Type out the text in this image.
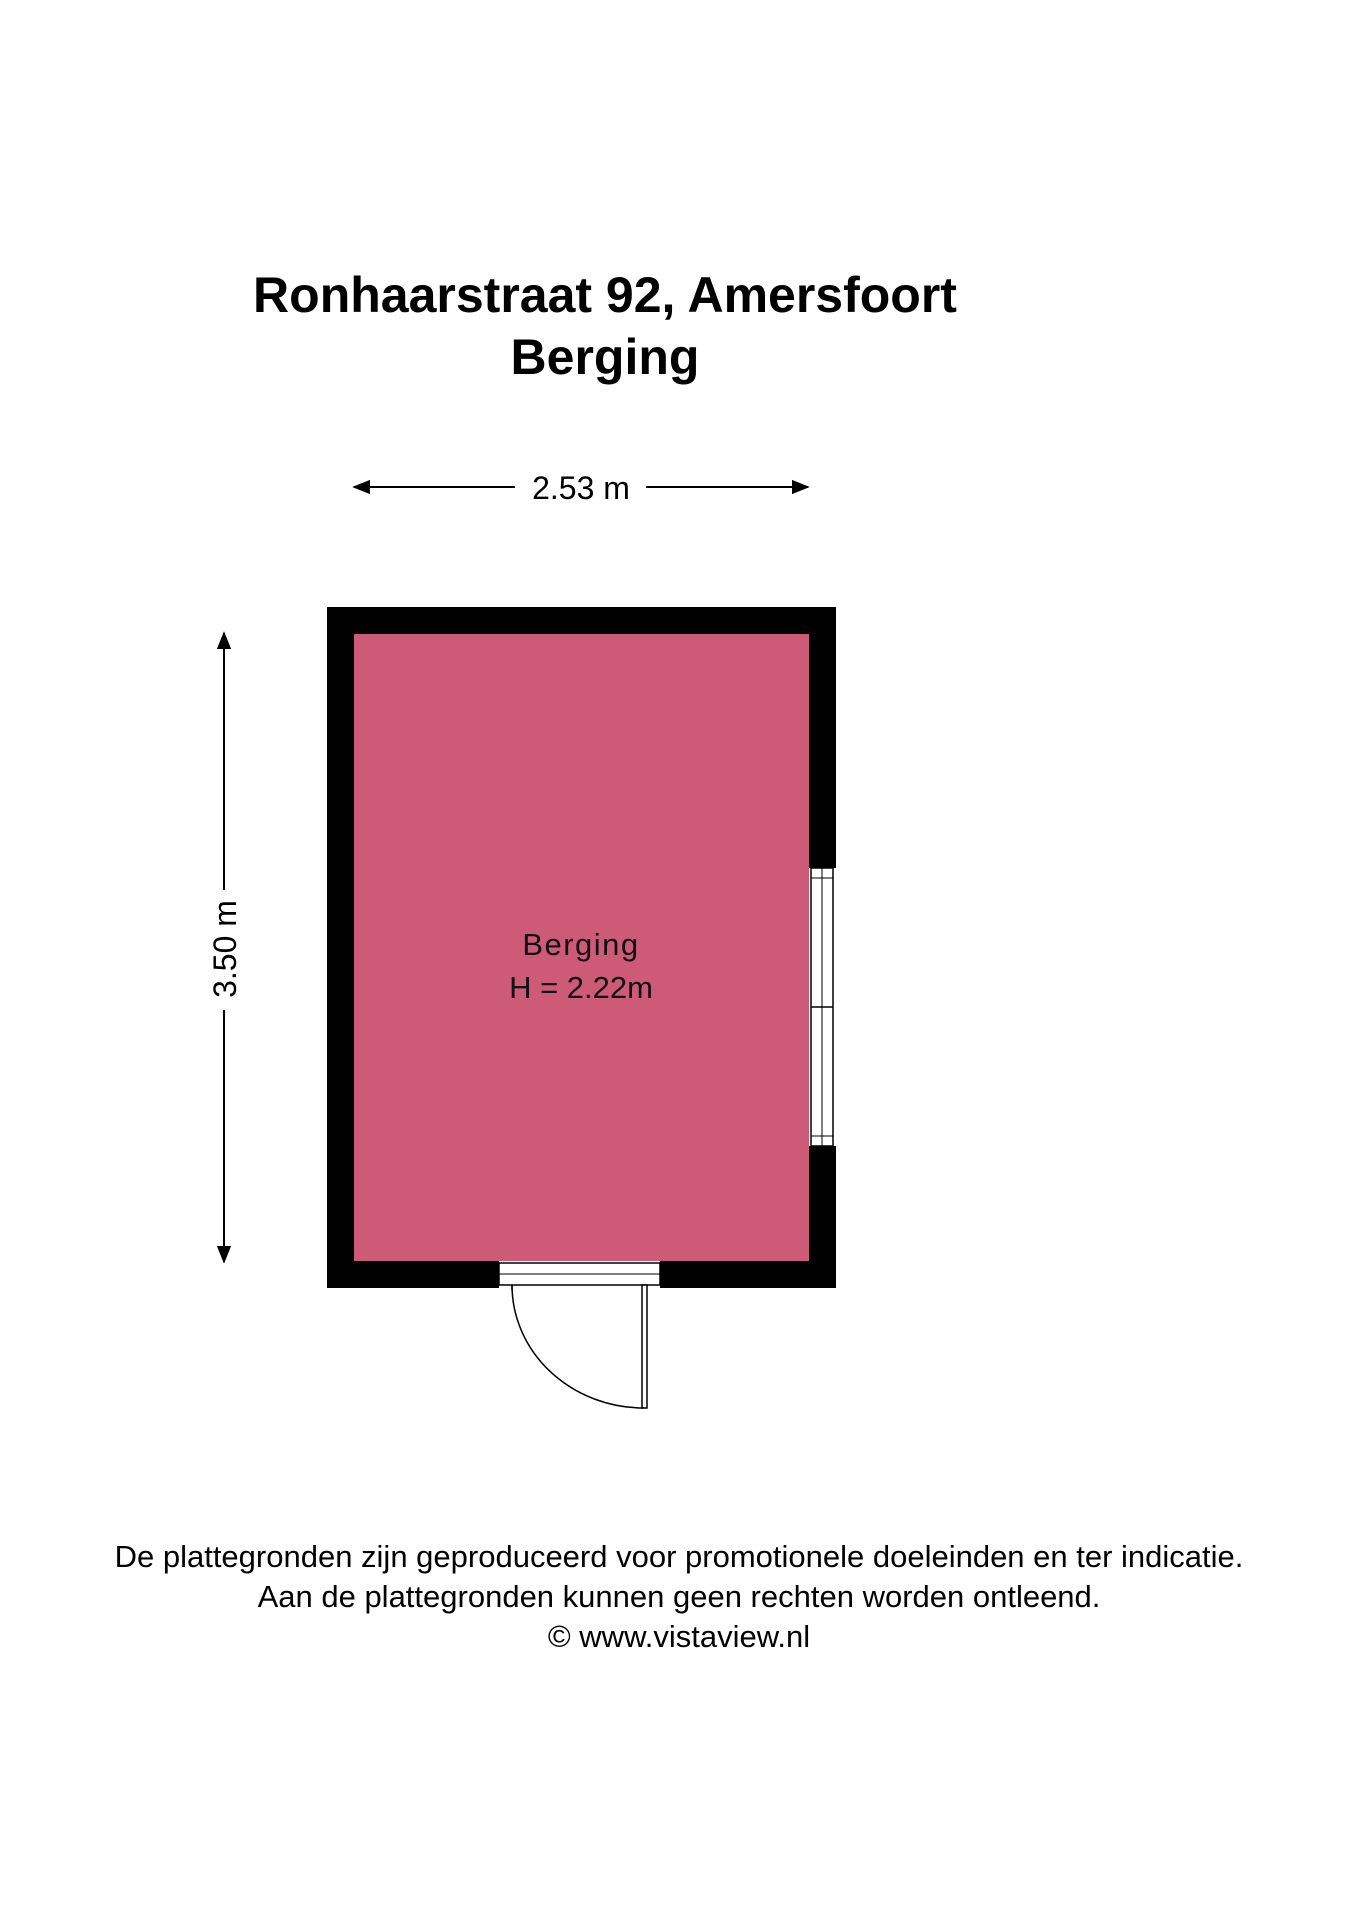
Ronhaarstraat 92, Amersfoort
Berging
2.53 m
3.50 m	Berging
H = 2.22m

De plattegronden zijn geproduceerd voor promotionele doeleinden en ter indicatie.

Aan de plattegronden kunnen geen rechten worden ontleend.

© www.vistaview.nl
